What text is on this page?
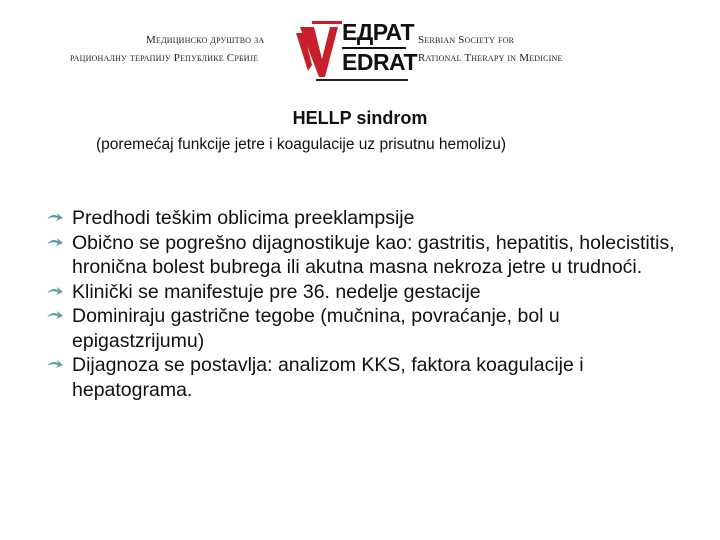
Медицинско друштво за
рационалну терапију Републике Србије
ЕДРАТ
EDRAT
Serbian Society for
Rational Therapy in Medicine
HELLP sindrom
(poremećaj funkcije jetre i koagulacije uz prisutnu hemolizu)
Predhodi teškim oblicima preeklampsije
Obično se pogrešno dijagnostikuje kao: gastritis, hepatitis, holecistitis, hronična bolest bubrega ili akutna masna nekroza jetre u trudnoći.
Klinički se manifestuje pre 36. nedelje gestacije
Dominiraju gastrične tegobe (mučnina, povraćanje, bol u epigastzrijumu)
Dijagnoza se postavlja: analizom KKS, faktora koagulacije i hepatograma.
